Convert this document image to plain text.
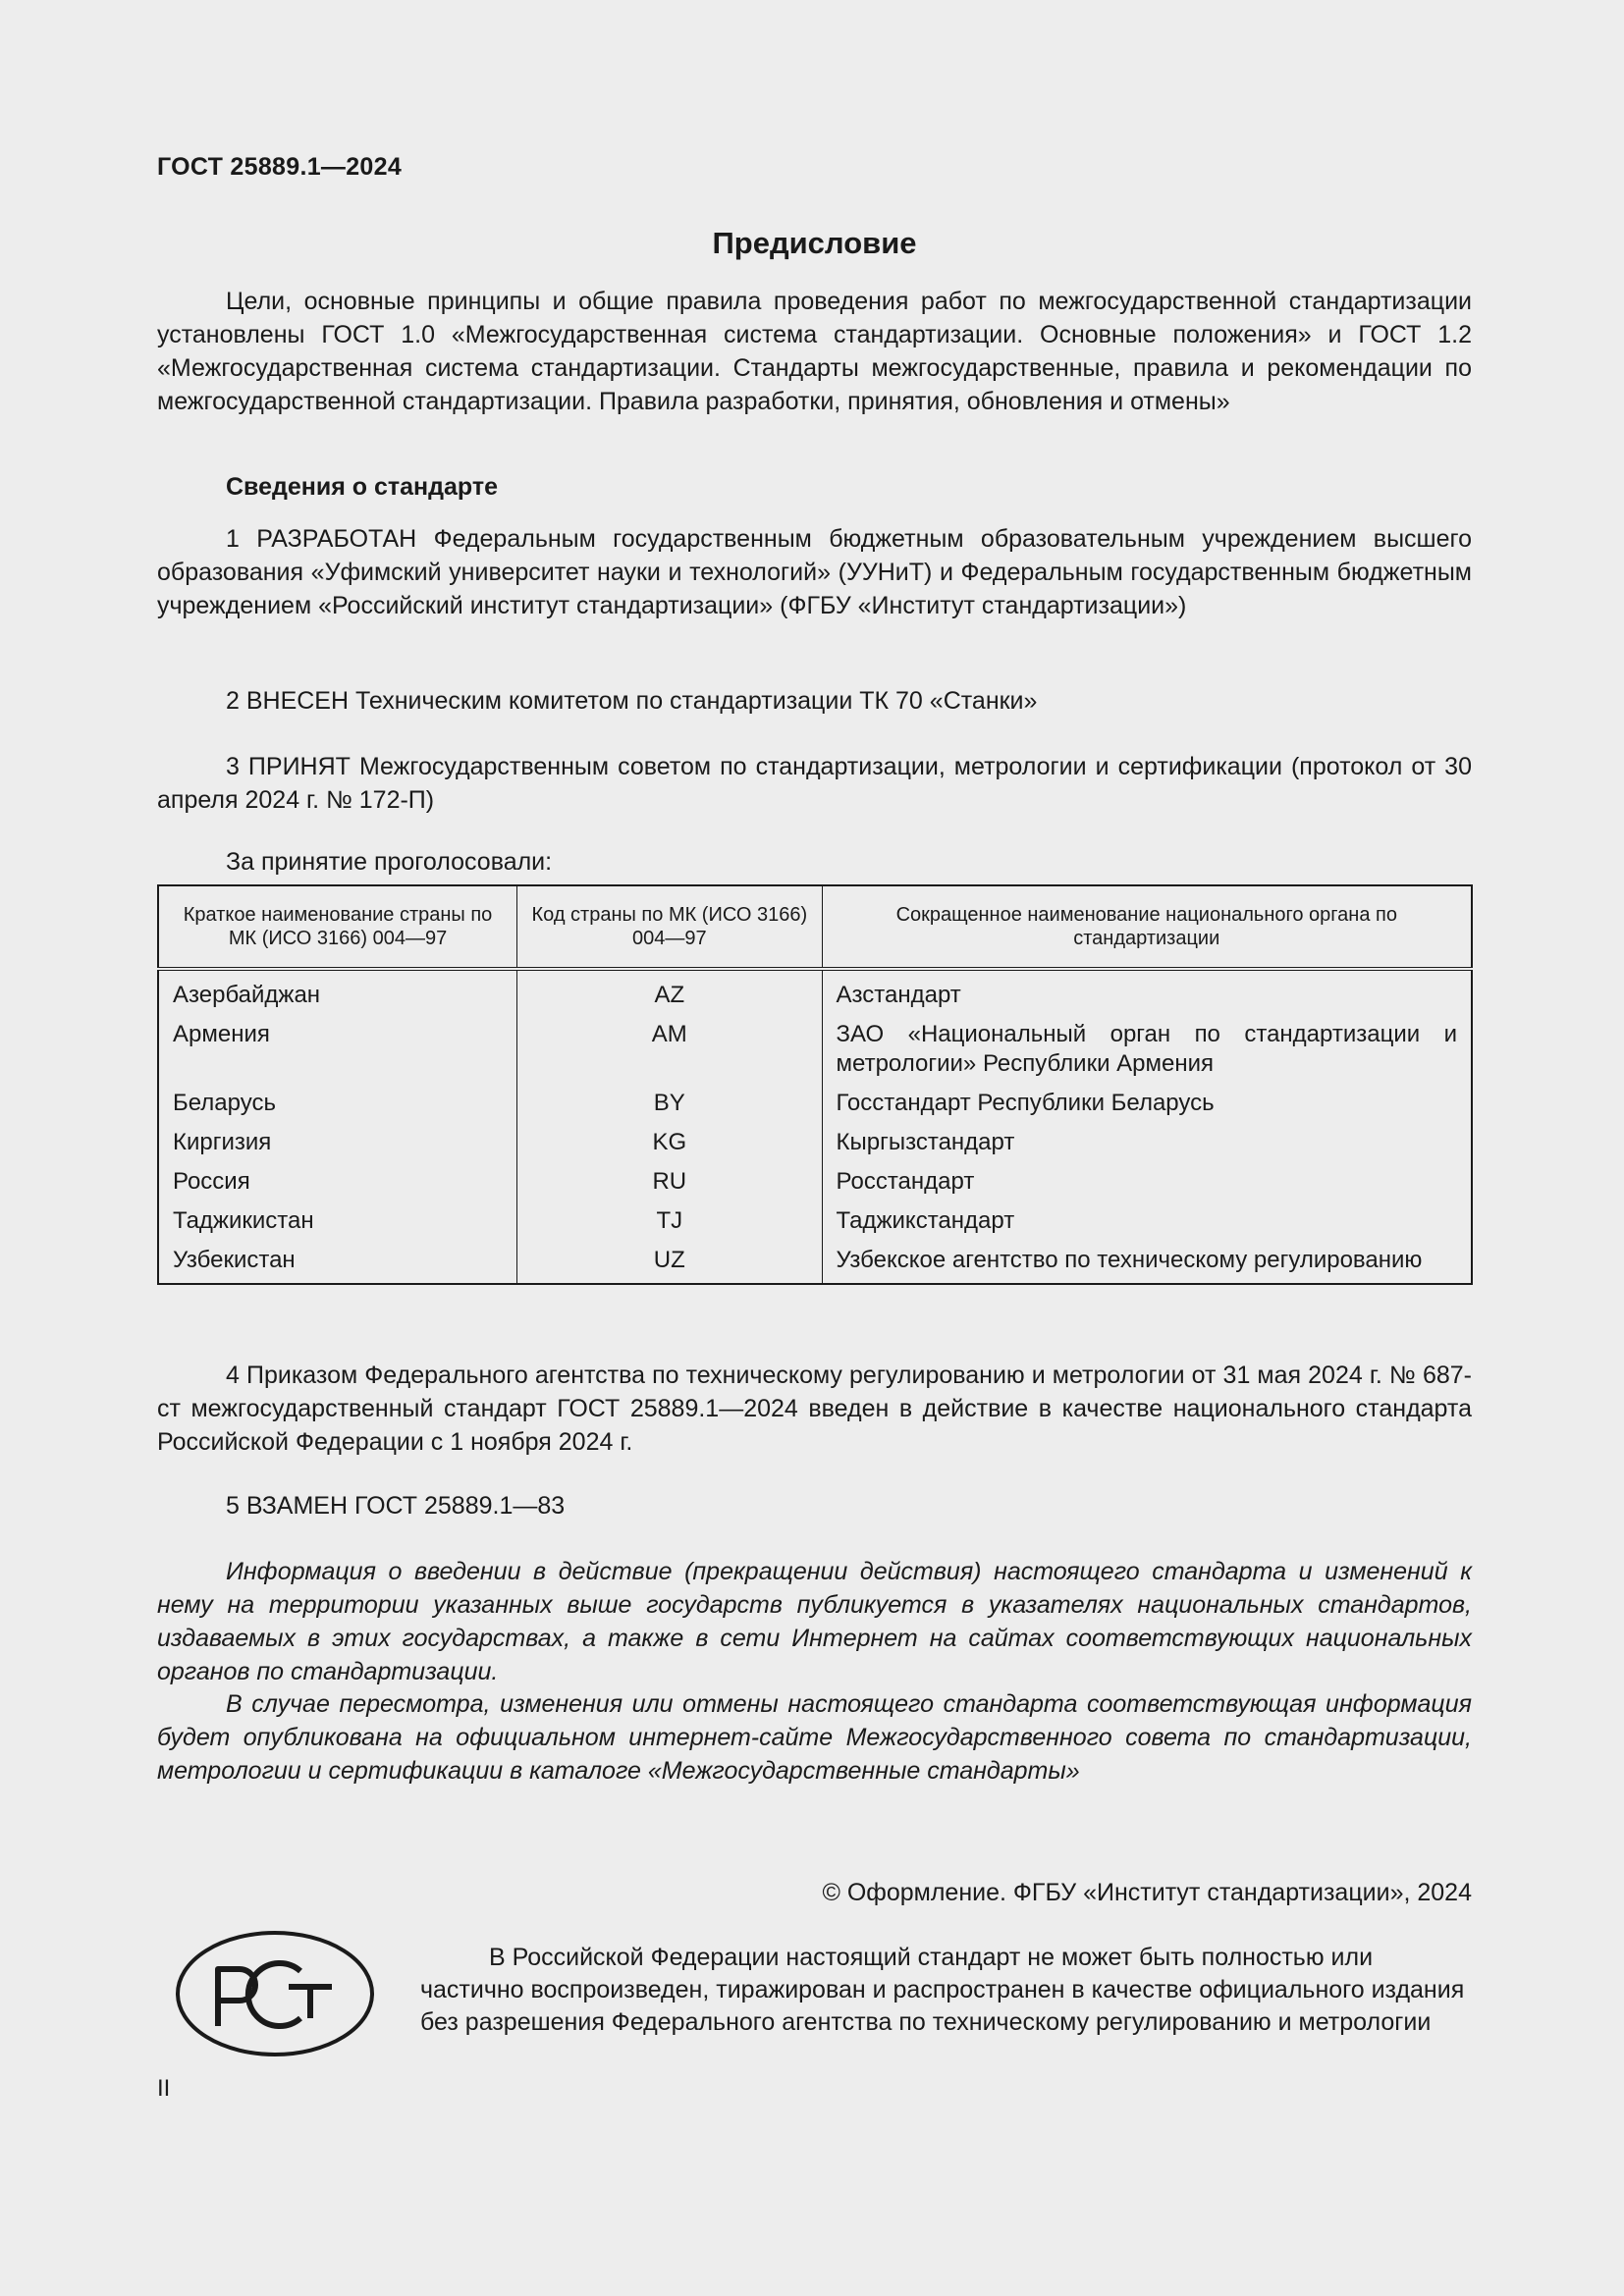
ГОСТ 25889.1—2024
Предисловие

Цели, основные принципы и общие правила проведения работ по межгосударственной стандартизации установлены ГОСТ 1.0 «Межгосударственная система стандартизации. Основные положения» и ГОСТ 1.2 «Межгосударственная система стандартизации. Стандарты межгосударственные, правила и рекомендации по межгосударственной стандартизации. Правила разработки, принятия, обновления и отмены»

Сведения о стандарте

1 РАЗРАБОТАН Федеральным государственным бюджетным образовательным учреждением высшего образования «Уфимский университет науки и технологий» (УУНиТ) и Федеральным государственным бюджетным учреждением «Российский институт стандартизации» (ФГБУ «Институт стандартизации»)

2 ВНЕСЕН Техническим комитетом по стандартизации ТК 70 «Станки»

3 ПРИНЯТ Межгосударственным советом по стандартизации, метрологии и сертификации (протокол от 30 апреля 2024 г. № 172-П)

За принятие проголосовали:
Краткое наименование страны по МК (ИСО 3166) 004—97	Код страны по МК (ИСО 3166) 004—97	Сокращенное наименование национального органа по стандартизации
Азербайджан	AZ	Азстандарт
Армения	AM	ЗАО «Национальный орган по стандартизации и метрологии» Республики Армения
Беларусь	BY	Госстандарт Республики Беларусь
Киргизия	KG	Кыргызстандарт
Россия	RU	Росстандарт
Таджикистан	TJ	Таджикстандарт
Узбекистан	UZ	Узбекское агентство по техническому регулированию

4 Приказом Федерального агентства по техническому регулированию и метрологии от 31 мая 2024 г. № 687-ст межгосударственный стандарт ГОСТ 25889.1—2024 введен в действие в качестве национального стандарта Российской Федерации с 1 ноября 2024 г.

5 ВЗАМЕН ГОСТ 25889.1—83

Информация о введении в действие (прекращении действия) настоящего стандарта и изменений к нему на территории указанных выше государств публикуется в указателях национальных стандартов, издаваемых в этих государствах, а также в сети Интернет на сайтах соответствующих национальных органов по стандартизации.

В случае пересмотра, изменения или отмены настоящего стандарта соответствующая информация будет опубликована на официальном интернет-сайте Межгосударственного совета по стандартизации, метрологии и сертификации в каталоге «Межгосударственные стандарты»

© Оформление. ФГБУ «Институт стандартизации», 2024

В Российской Федерации настоящий стандарт не может быть полностью или частично воспроизведен, тиражирован и распространен в качестве официального издания без разрешения Федерального агентства по техническому регулированию и метрологии

II
